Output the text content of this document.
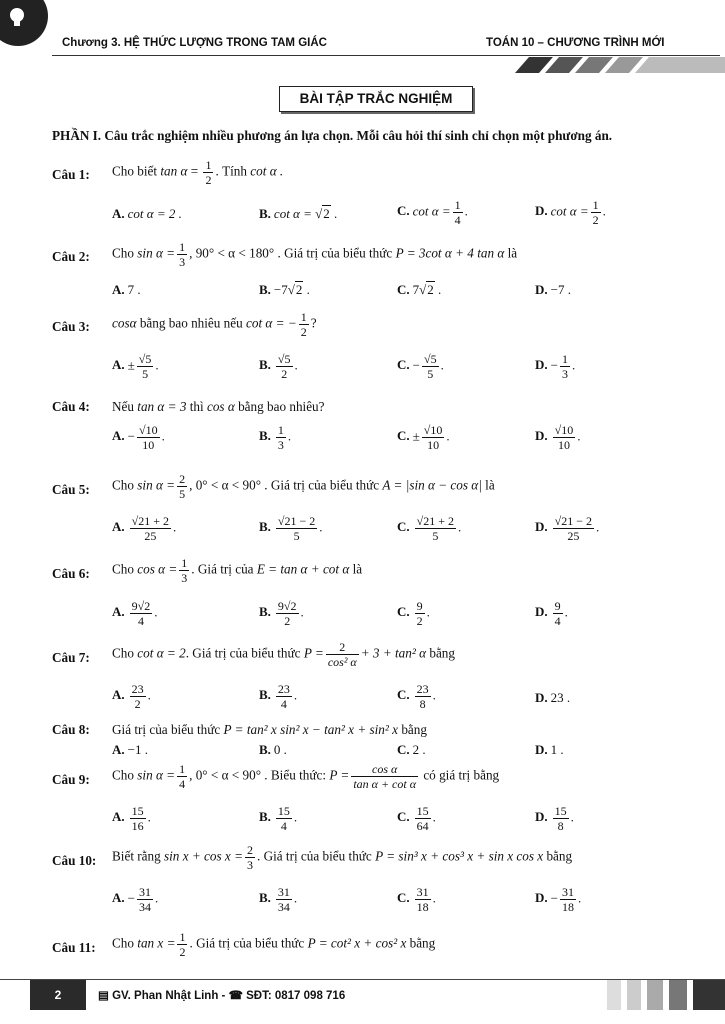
Chương 3. HỆ THỨC LƯỢNG TRONG TAM GIÁC	TOÁN 10 – CHƯƠNG TRÌNH MỚI
BÀI TẬP TRẮC NGHIỆM
PHẦN I. Câu trắc nghiệm nhiều phương án lựa chọn. Mỗi câu hỏi thí sinh chỉ chọn một phương án.
Câu 1: Cho biết $\tan \alpha = \frac{1}{2}$ . Tính cot α .
A. cot α = 2 .	B. cot α = √2 .	C. $\cot \alpha = \frac{1}{4}$ .	D. $\cot \alpha = \frac{1}{2}$ .
Câu 2: Cho $\sin \alpha = \frac{1}{3}$ , 90° < α < 180° . Giá trị của biểu thức P = 3cot α + 4 tan α là
A. 7 .	B. −7√2 .	C. 7√2 .	D. −7 .
Câu 3: cosα bằng bao nhiêu nếu cot α = − $\frac{1}{2}$ ?
A. ± $\frac{√5}{5}$ .	B. $\frac{√5}{2}$ .	C. − $\frac{√5}{5}$ .	D. − $\frac{1}{3}$ .
Câu 4: Nếu tan α = 3 thì cos α bằng bao nhiêu?
A. − $\frac{√10}{10}$ .	B. $\frac{1}{3}$ .	C. ± $\frac{√10}{10}$ .	D. $\frac{√10}{10}$ .
Câu 5: Cho $\sin \alpha = \frac{2}{5}$ , 0° < α < 90° . Giá trị của biểu thức A = |sin α − cos α| là
A. $\frac{√21 + 2}{25}$ .	B. $\frac{√21 - 2}{5}$ .	C. $\frac{√21 + 2}{5}$ .	D. $\frac{√21 - 2}{25}$ .
Câu 6: Cho $\cos \alpha = \frac{1}{3}$ . Giá trị của E = tan α + cot α là
A. $\frac{9√2}{4}$ .	B. $\frac{9√2}{2}$ .	C. $\frac{9}{2}$ .	D. $\frac{9}{4}$ .
Câu 7: Cho cot α = 2. Giá trị của biểu thức $P = \frac{2}{\text{cos² α}} + 3 + \tan^2$ α bằng
A. $\frac{23}{2}$ .	B. $\frac{23}{4}$ .	C. $\frac{23}{8}$ .	D. 23 .
Câu 8: Giá trị của biểu thức P = tan² x sin² x − tan² x + sin² x bằng
A. −1 .	B. 0 .	C. 2 .	D. 1 .
Câu 9: Cho $\sin \alpha = \frac{1}{4}$ , 0° < α < 90° . Biểu thức: $P = \frac{\text{cos α}}{\text{tan α + cot α}}$ có giá trị bằng
A. $\frac{15}{16}$ .	B. $\frac{15}{4}$ .	C. $\frac{15}{64}$ .	D. $\frac{15}{8}$ .
Câu 10: Biết rằng $\sin x + \cos x = \frac{2}{3}$ . Giá trị của biểu thức P = sin³ x + cos³ x + sin x cos x bằng
A. − $\frac{31}{34}$ .	B. $\frac{31}{34}$ .	C. $\frac{31}{18}$ .	D. − $\frac{31}{18}$ .
Câu 11: Cho $\tan x = \frac{1}{2}$ . Giá trị của biểu thức P = cot² x + cos² x bằng
2	▤ GV. Phan Nhật Linh - ☎ SĐT: 0817 098 716
